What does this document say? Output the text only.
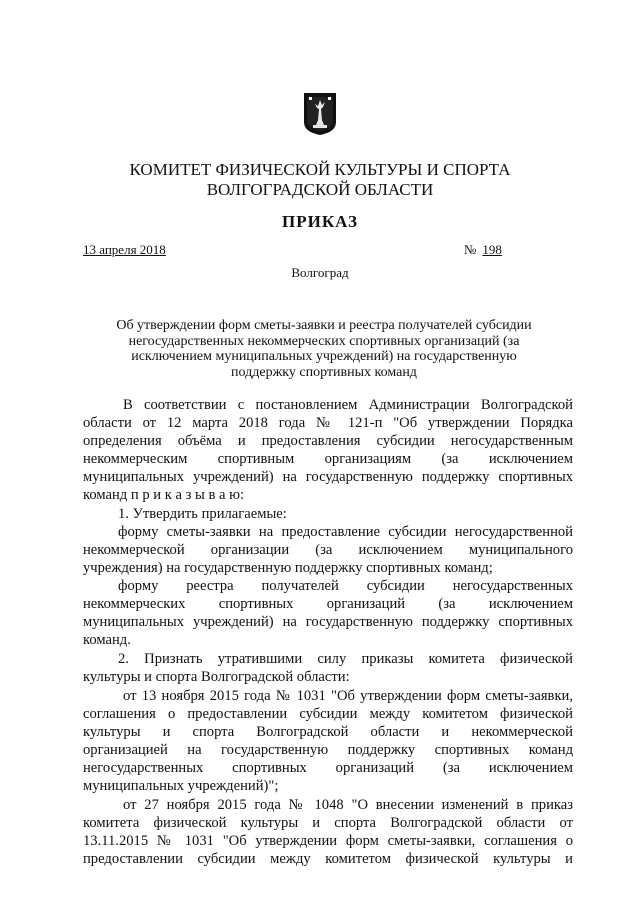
КОМИТЕТ ФИЗИЧЕСКОЙ КУЛЬТУРЫ И СПОРТА
ВОЛГОГРАДСКОЙ ОБЛАСТИ
ПРИКАЗ
13 апреля 2018	№ 198
Волгоград
Об утверждении форм сметы-заявки и реестра получателей субсидии
негосударственных некоммерческих спортивных организаций (за
исключением муниципальных учреждений) на государственную
поддержку спортивных команд

В соответствии с постановлением Администрации Волгоградской

области от 12 марта 2018 года № 121-п "Об утверждении Порядка

определения объёма и предоставления субсидии негосударственным

некоммерческим спортивным организациям (за исключением

муниципальных учреждений) на государственную поддержку спортивных

команд п р и к а з ы в а ю:

1. Утвердить прилагаемые:

форму сметы-заявки на предоставление субсидии негосударственной

некоммерческой организации (за исключением муниципального

учреждения) на государственную поддержку спортивных команд;

форму реестра получателей субсидии негосударственных

некоммерческих спортивных организаций (за исключением

муниципальных учреждений) на государственную поддержку спортивных

команд.

2. Признать утратившими силу приказы комитета физической

культуры и спорта Волгоградской области:

от 13 ноября 2015 года № 1031 "Об утверждении форм сметы-заявки,

соглашения о предоставлении субсидии между комитетом физической

культуры и спорта Волгоградской области и некоммерческой

организацией на государственную поддержку спортивных команд

негосударственных спортивных организаций (за исключением

муниципальных учреждений)";

от 27 ноября 2015 года № 1048 "О внесении изменений в приказ

комитета физической культуры и спорта Волгоградской области от

13.11.2015 № 1031 "Об утверждении форм сметы-заявки, соглашения о

предоставлении субсидии между комитетом физической культуры и
